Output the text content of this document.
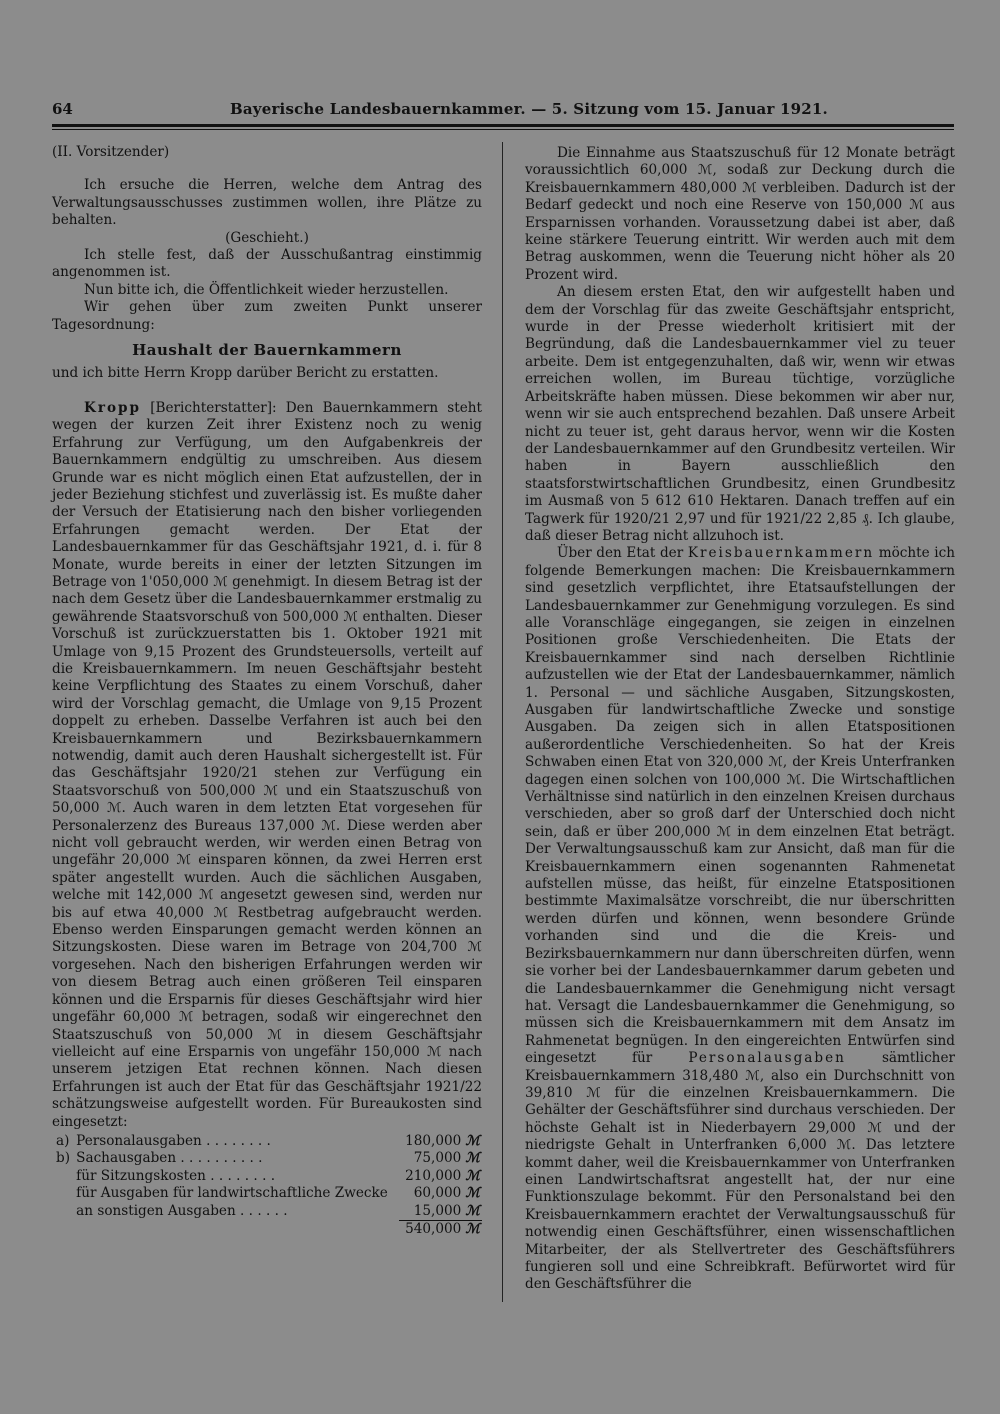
64	Bayerische Landesbauernkammer. — 5. Sitzung vom 15. Januar 1921.

(II. Vorsitzender)

Ich ersuche die Herren, welche dem Antrag des Verwaltungsausschusses zustimmen wollen, ihre Plätze zu behalten.

(Geschieht.)

Ich stelle fest, daß der Ausschußantrag einstimmig angenommen ist.

Nun bitte ich, die Öffentlichkeit wieder herzustellen.

Wir gehen über zum zweiten Punkt unserer Tagesordnung:

Haushalt der Bauernkammern

und ich bitte Herrn Kropp darüber Bericht zu erstatten.

Kropp [Berichterstatter]: Den Bauernkammern steht wegen der kurzen Zeit ihrer Existenz noch zu wenig Erfahrung zur Verfügung, um den Aufgabenkreis der Bauernkammern endgültig zu umschreiben. Aus diesem Grunde war es nicht möglich einen Etat aufzustellen, der in jeder Beziehung stichfest und zuverlässig ist. Es mußte daher der Versuch der Etatisierung nach den bisher vorliegenden Erfahrungen gemacht werden. Der Etat der Landesbauernkammer für das Geschäftsjahr 1921, d. i. für 8 Monate, wurde bereits in einer der letzten Sitzungen im Betrage von 1'050,000 ℳ genehmigt. In diesem Betrag ist der nach dem Gesetz über die Landesbauernkammer erstmalig zu gewährende Staatsvorschuß von 500,000 ℳ enthalten. Dieser Vorschuß ist zurückzuerstatten bis 1. Oktober 1921 mit Umlage von 9,15 Prozent des Grundsteuersolls, verteilt auf die Kreisbauernkammern. Im neuen Geschäftsjahr besteht keine Verpflichtung des Staates zu einem Vorschuß, daher wird der Vorschlag gemacht, die Umlage von 9,15 Prozent doppelt zu erheben. Dasselbe Verfahren ist auch bei den Kreisbauernkammern und Bezirksbauernkammern notwendig, damit auch deren Haushalt sichergestellt ist. Für das Geschäftsjahr 1920/21 stehen zur Verfügung ein Staatsvorschuß von 500,000 ℳ und ein Staatszuschuß von 50,000 ℳ. Auch waren in dem letzten Etat vorgesehen für Personalerzenz des Bureaus 137,000 ℳ. Diese werden aber nicht voll gebraucht werden, wir werden einen Betrag von ungefähr 20,000 ℳ einsparen können, da zwei Herren erst später angestellt wurden. Auch die sächlichen Ausgaben, welche mit 142,000 ℳ angesetzt gewesen sind, werden nur bis auf etwa 40,000 ℳ Restbetrag aufgebraucht werden. Ebenso werden Einsparungen gemacht werden können an Sitzungskosten. Diese waren im Betrage von 204,700 ℳ vorgesehen. Nach den bisherigen Erfahrungen werden wir von diesem Betrag auch einen größeren Teil einsparen können und die Ersparnis für dieses Geschäftsjahr wird hier ungefähr 60,000 ℳ betragen, sodaß wir eingerechnet den Staatszuschuß von 50,000 ℳ in diesem Geschäftsjahr vielleicht auf eine Ersparnis von ungefähr 150,000 ℳ nach unserem jetzigen Etat rechnen können. Nach diesen Erfahrungen ist auch der Etat für das Geschäftsjahr 1921/22 schätzungsweise aufgestellt worden. Für Bureaukosten sind eingesetzt:

a)	Personalausgaben . . . . . . . .	180,000	ℳ
b)	Sachausgaben . . . . . . . . . .	75,000	ℳ
	für Sitzungskosten . . . . . . . .	210,000	ℳ
	für Ausgaben für landwirtschaftliche Zwecke	60,000	ℳ
	an sonstigen Ausgaben . . . . . .	15,000	ℳ
		540,000	ℳ

Die Einnahme aus Staatszuschuß für 12 Monate beträgt voraussichtlich 60,000 ℳ, sodaß zur Deckung durch die Kreisbauernkammern 480,000 ℳ verbleiben. Dadurch ist der Bedarf gedeckt und noch eine Reserve von 150,000 ℳ aus Ersparnissen vorhanden. Voraussetzung dabei ist aber, daß keine stärkere Teuerung eintritt. Wir werden auch mit dem Betrag auskommen, wenn die Teuerung nicht höher als 20 Prozent wird.

An diesem ersten Etat, den wir aufgestellt haben und dem der Vorschlag für das zweite Geschäftsjahr entspricht, wurde in der Presse wiederholt kritisiert mit der Begründung, daß die Landesbauernkammer viel zu teuer arbeite. Dem ist entgegenzuhalten, daß wir, wenn wir etwas erreichen wollen, im Bureau tüchtige, vorzügliche Arbeitskräfte haben müssen. Diese bekommen wir aber nur, wenn wir sie auch entsprechend bezahlen. Daß unsere Arbeit nicht zu teuer ist, geht daraus hervor, wenn wir die Kosten der Landesbauernkammer auf den Grundbesitz verteilen. Wir haben in Bayern ausschließlich den staatsforstwirtschaftlichen Grundbesitz, einen Grundbesitz im Ausmaß von 5 612 610 Hektaren. Danach treffen auf ein Tagwerk für 1920/21 2,97 und für 1921/22 2,85 ₰. Ich glaube, daß dieser Betrag nicht allzuhoch ist.

Über den Etat der Kreisbauernkammern möchte ich folgende Bemerkungen machen: Die Kreisbauernkammern sind gesetzlich verpflichtet, ihre Etatsaufstellungen der Landesbauernkammer zur Genehmigung vorzulegen. Es sind alle Voranschläge eingegangen, sie zeigen in einzelnen Positionen große Verschiedenheiten. Die Etats der Kreisbauernkammer sind nach derselben Richtlinie aufzustellen wie der Etat der Landesbauernkammer, nämlich 1. Personal — und sächliche Ausgaben, Sitzungskosten, Ausgaben für landwirtschaftliche Zwecke und sonstige Ausgaben. Da zeigen sich in allen Etatspositionen außerordentliche Verschiedenheiten. So hat der Kreis Schwaben einen Etat von 320,000 ℳ, der Kreis Unterfranken dagegen einen solchen von 100,000 ℳ. Die Wirtschaftlichen Verhältnisse sind natürlich in den einzelnen Kreisen durchaus verschieden, aber so groß darf der Unterschied doch nicht sein, daß er über 200,000 ℳ in dem einzelnen Etat beträgt. Der Verwaltungsausschuß kam zur Ansicht, daß man für die Kreisbauernkammern einen sogenannten Rahmenetat aufstellen müsse, das heißt, für einzelne Etatspositionen bestimmte Maximalsätze vorschreibt, die nur überschritten werden dürfen und können, wenn besondere Gründe vorhanden sind und die die Kreis- und Bezirksbauernkammern nur dann überschreiten dürfen, wenn sie vorher bei der Landesbauernkammer darum gebeten und die Landesbauernkammer die Genehmigung nicht versagt hat. Versagt die Landesbauernkammer die Genehmigung, so müssen sich die Kreisbauernkammern mit dem Ansatz im Rahmenetat begnügen. In den eingereichten Entwürfen sind eingesetzt für Personalausgaben sämtlicher Kreisbauernkammern 318,480 ℳ, also ein Durchschnitt von 39,810 ℳ für die einzelnen Kreisbauernkammern. Die Gehälter der Geschäftsführer sind durchaus verschieden. Der höchste Gehalt ist in Niederbayern 29,000 ℳ und der niedrigste Gehalt in Unterfranken 6,000 ℳ. Das letztere kommt daher, weil die Kreisbauernkammer von Unterfranken einen Landwirtschaftsrat angestellt hat, der nur eine Funktionszulage bekommt. Für den Personalstand bei den Kreisbauernkammern erachtet der Verwaltungsausschuß für notwendig einen Geschäftsführer, einen wissenschaftlichen Mitarbeiter, der als Stellvertreter des Geschäftsführers fungieren soll und eine Schreibkraft. Befürwortet wird für den Geschäftsführer die
